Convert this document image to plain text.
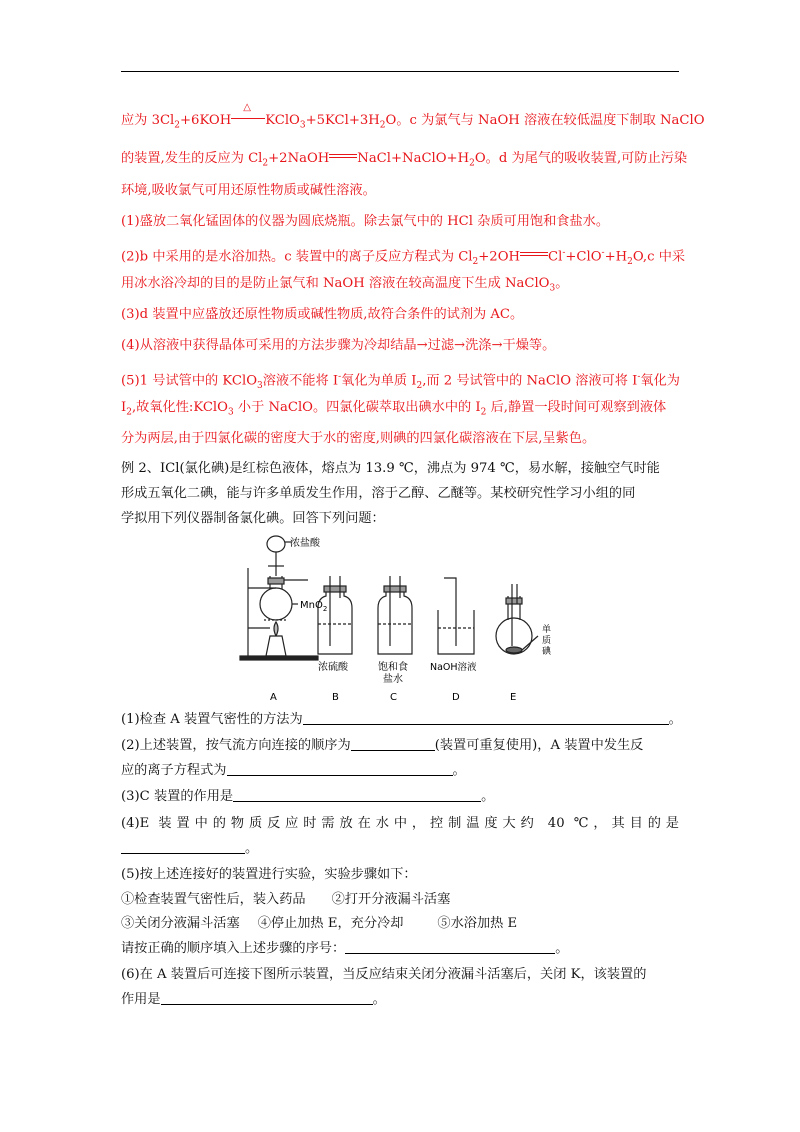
应为 $3Cl_2+6KOH$
△
$KClO_3+5KCl+3H_2O$。c 为氯气与 NaOH 溶液在较低温度下制取 NaClO
的装置,发生的反应为 $Cl_2+2NaOH$ $NaCl+NaClO+H_2O$。d 为尾气的吸收装置,可防止污染
环境,吸收氯气可用还原性物质或碱性溶液。
(1)盛放二氧化锰固体的仪器为圆底烧瓶。除去氯气中的 HCl 杂质可用饱和食盐水。
(2)b 中采用的是水浴加热。c 装置中的离子反应方程式为 $Cl_2+2OH$ $Cl^-+ClO^-+H_2O,c$ 中采
用冰水浴冷却的目的是防止氯气和 NaOH 溶液在较高温度下生成 NaClO$_3$。
(3)d 装置中应盛放还原性物质或碱性物质,故符合条件的试剂为 AC。
(4)从溶液中获得晶体可采用的方法步骤为冷却结晶→过滤→洗涤→干燥等。
(5)1 号试管中的 KClO$_3$溶液不能将 I-氧化为单质 $I_2$,而 2 号试管中的 NaClO 溶液可将 I-氧化为
$I_2$,故氧化性:KClO$_3$ 小于 NaClO。四氯化碳萃取出碘水中的 $I_2$ 后,静置一段时间可观察到液体
分为两层,由于四氯化碳的密度大于水的密度,则碘的四氯化碳溶液在下层,呈紫色。
例 2、ICl(氯化碘)是红棕色液体，熔点为 13.9 ℃，沸点为 974 ℃，易水解，接触空气时能
形成五氧化二碘，能与许多单质发生作用，溶于乙醇、乙醚等。某校研究性学习小组的同
学拟用下列仪器制备氯化碘。回答下列问题：
浓盐酸
MnO$_2$
浓硫酸	饱和食
盐水
NaOH溶液
单
质
碘
A	B	C	D	E
(1)检查 A 装置气密性的方法为	。
(2)上述装置，按气流方向连接的顺序为	(装置可重复使用)，A 装置中发生反
应的离子方程式为	。
(3)C 装置的作用是	。
(4)E 装置中的物质反应时需放在水中，控制温度大约 40 ℃，其目的是
。
(5)按上述连接好的装置进行实验，实验步骤如下：
①检查装置气密性后，装入药品 ②打开分液漏斗活塞
③关闭分液漏斗活塞 ④停止加热 E，充分冷却	⑤水浴加热 E
请按正确的顺序填入上述步骤的序号：	。
(6)在 A 装置后可连接下图所示装置，当反应结束关闭分液漏斗活塞后，关闭 K，该装置的
作用是	。
